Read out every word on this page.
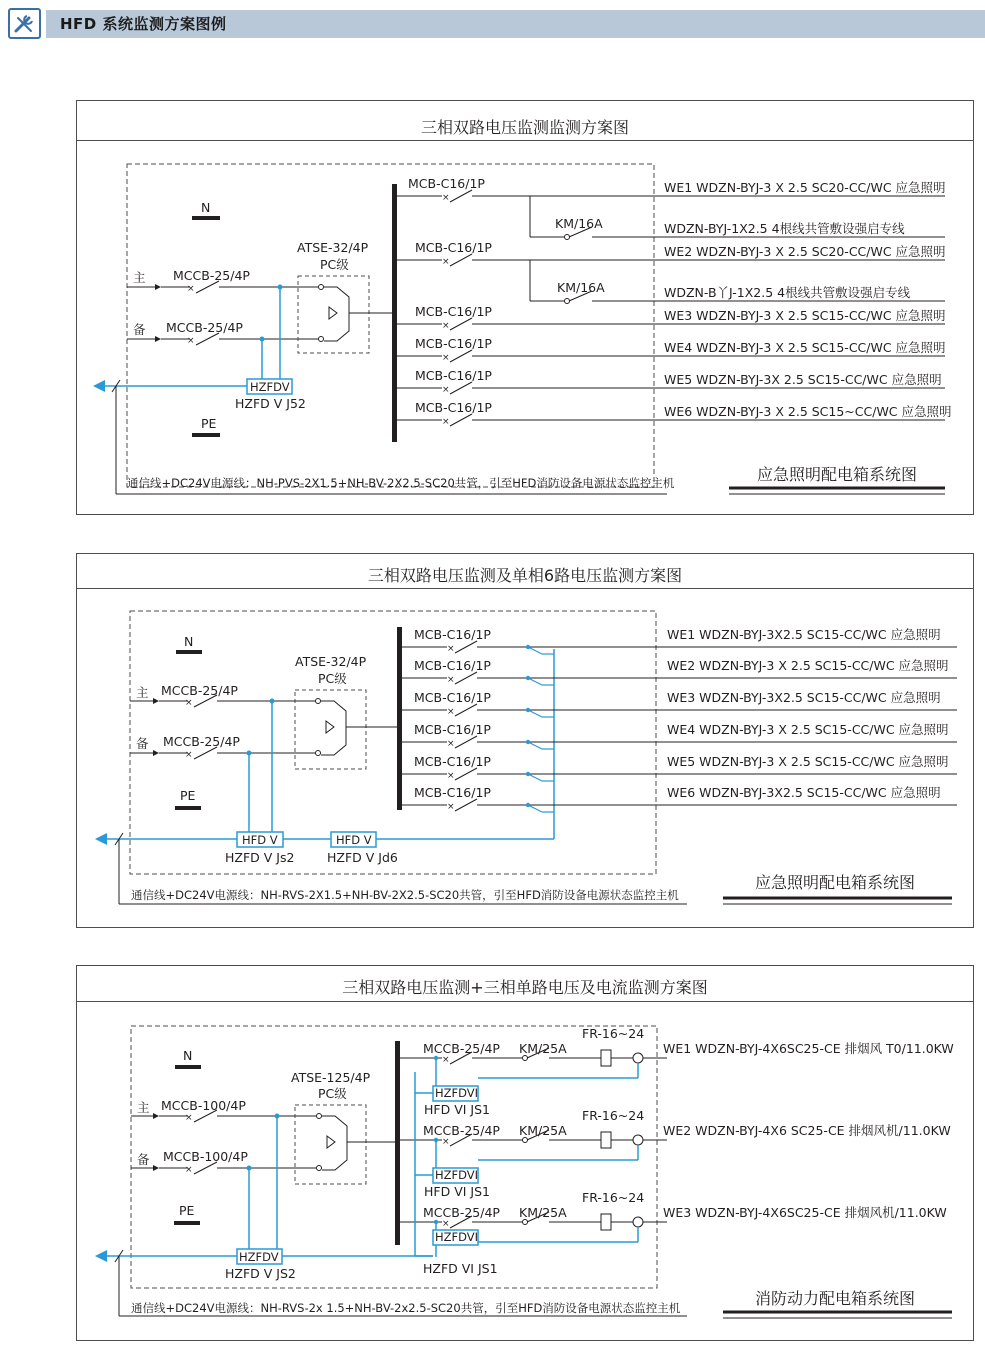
HFD 系统监测方案图例
三相双路电压监测监测方案图
N
PE
主
备
MCCB-25/4P
MCCB-25/4P
×
×
ATSE-32/4P
PC级
HZFDV
HZFD V J52
通信线+DC24V电源线：NH-PVS-2X1.5+NH-BV-2X2.5-SC20共管，引至HFD消防设备电源状态监控主机
MCB-C16/1P
×
MCB-C16/1P
×
MCB-C16/1P
×
MCB-C16/1P
×
MCB-C16/1P
×
MCB-C16/1P
×
KM/16A
KM/16A
WE1 WDZN-BYJ-3 X 2.5 SC20-CC/WC 应急照明
WDZN-BYJ-1X2.5 4根线共管敷设强启专线
WE2 WDZN-BYJ-3 X 2.5 SC20-CC/WC 应急照明
WDZN-B丫J-1X2.5 4根线共管敷设强启专线
WE3 WDZN-BYJ-3 X 2.5 SC15-CC/WC 应急照明
WE4 WDZN-BYJ-3 X 2.5 SC15-CC/WC 应急照明
WE5 WDZN-BYJ-3X 2.5 SC15-CC/WC 应急照明
WE6 WDZN-BYJ-3 X 2.5 SC15~CC/WC 应急照明
应急照明配电箱系统图
三相双路电压监测及单相6路电压监测方案图
N
PE
主
备
MCCB-25/4P
MCCB-25/4P
×
×
ATSE-32/4P
PC级
HFD V
HZFD V Js2
HFD V
HZFD V Jd6
通信线+DC24V电源线：NH-RVS-2X1.5+NH-BV-2X2.5-SC20共管，引至HFD消防设备电源状态监控主机
MCB-C16/1P
×
WE1 WDZN-BYJ-3X2.5 SC15-CC/WC 应急照明
MCB-C16/1P
×
WE2 WDZN-BYJ-3 X 2.5 SC15-CC/WC 应急照明
MCB-C16/1P
×
WE3 WDZN-BYJ-3X2.5 SC15-CC/WC 应急照明
MCB-C16/1P
×
WE4 WDZN-BYJ-3 X 2.5 SC15-CC/WC 应急照明
MCB-C16/1P
×
WE5 WDZN-BYJ-3 X 2.5 SC15-CC/WC 应急照明
MCB-C16/1P
×
WE6 WDZN-BYJ-3X2.5 SC15-CC/WC 应急照明
应急照明配电箱系统图
三相双路电压监测+三相单路电压及电流监测方案图
N
PE
主
备
MCCB-100/4P
MCCB-100/4P
×
×
ATSE-125/4P
PC级
HZFDV
HZFD V JS2
通信线+DC24V电源线：NH-RVS-2x 1.5+NH-BV-2x2.5-SC20共管，引至HFD消防设备电源状态监控主机
MCCB-25/4P KM/25A
FR-16~24
×
WE1 WDZN-BYJ-4X6SC25-CE 排烟风 T0/11.0KW
HZFDVI
HFD VI JS1
MCCB-25/4P KM/25A
FR-16~24
×
WE2 WDZN-BYJ-4X6 SC25-CE 排烟风机/11.0KW
HZFDVI
HFD VI JS1
MCCB-25/4P KM/25A
FR-16~24
×
WE3 WDZN-BYJ-4X6SC25-CE 排烟风机/11.0KW
HZFDVI
HZFD VI JS1
消防动力配电箱系统图
